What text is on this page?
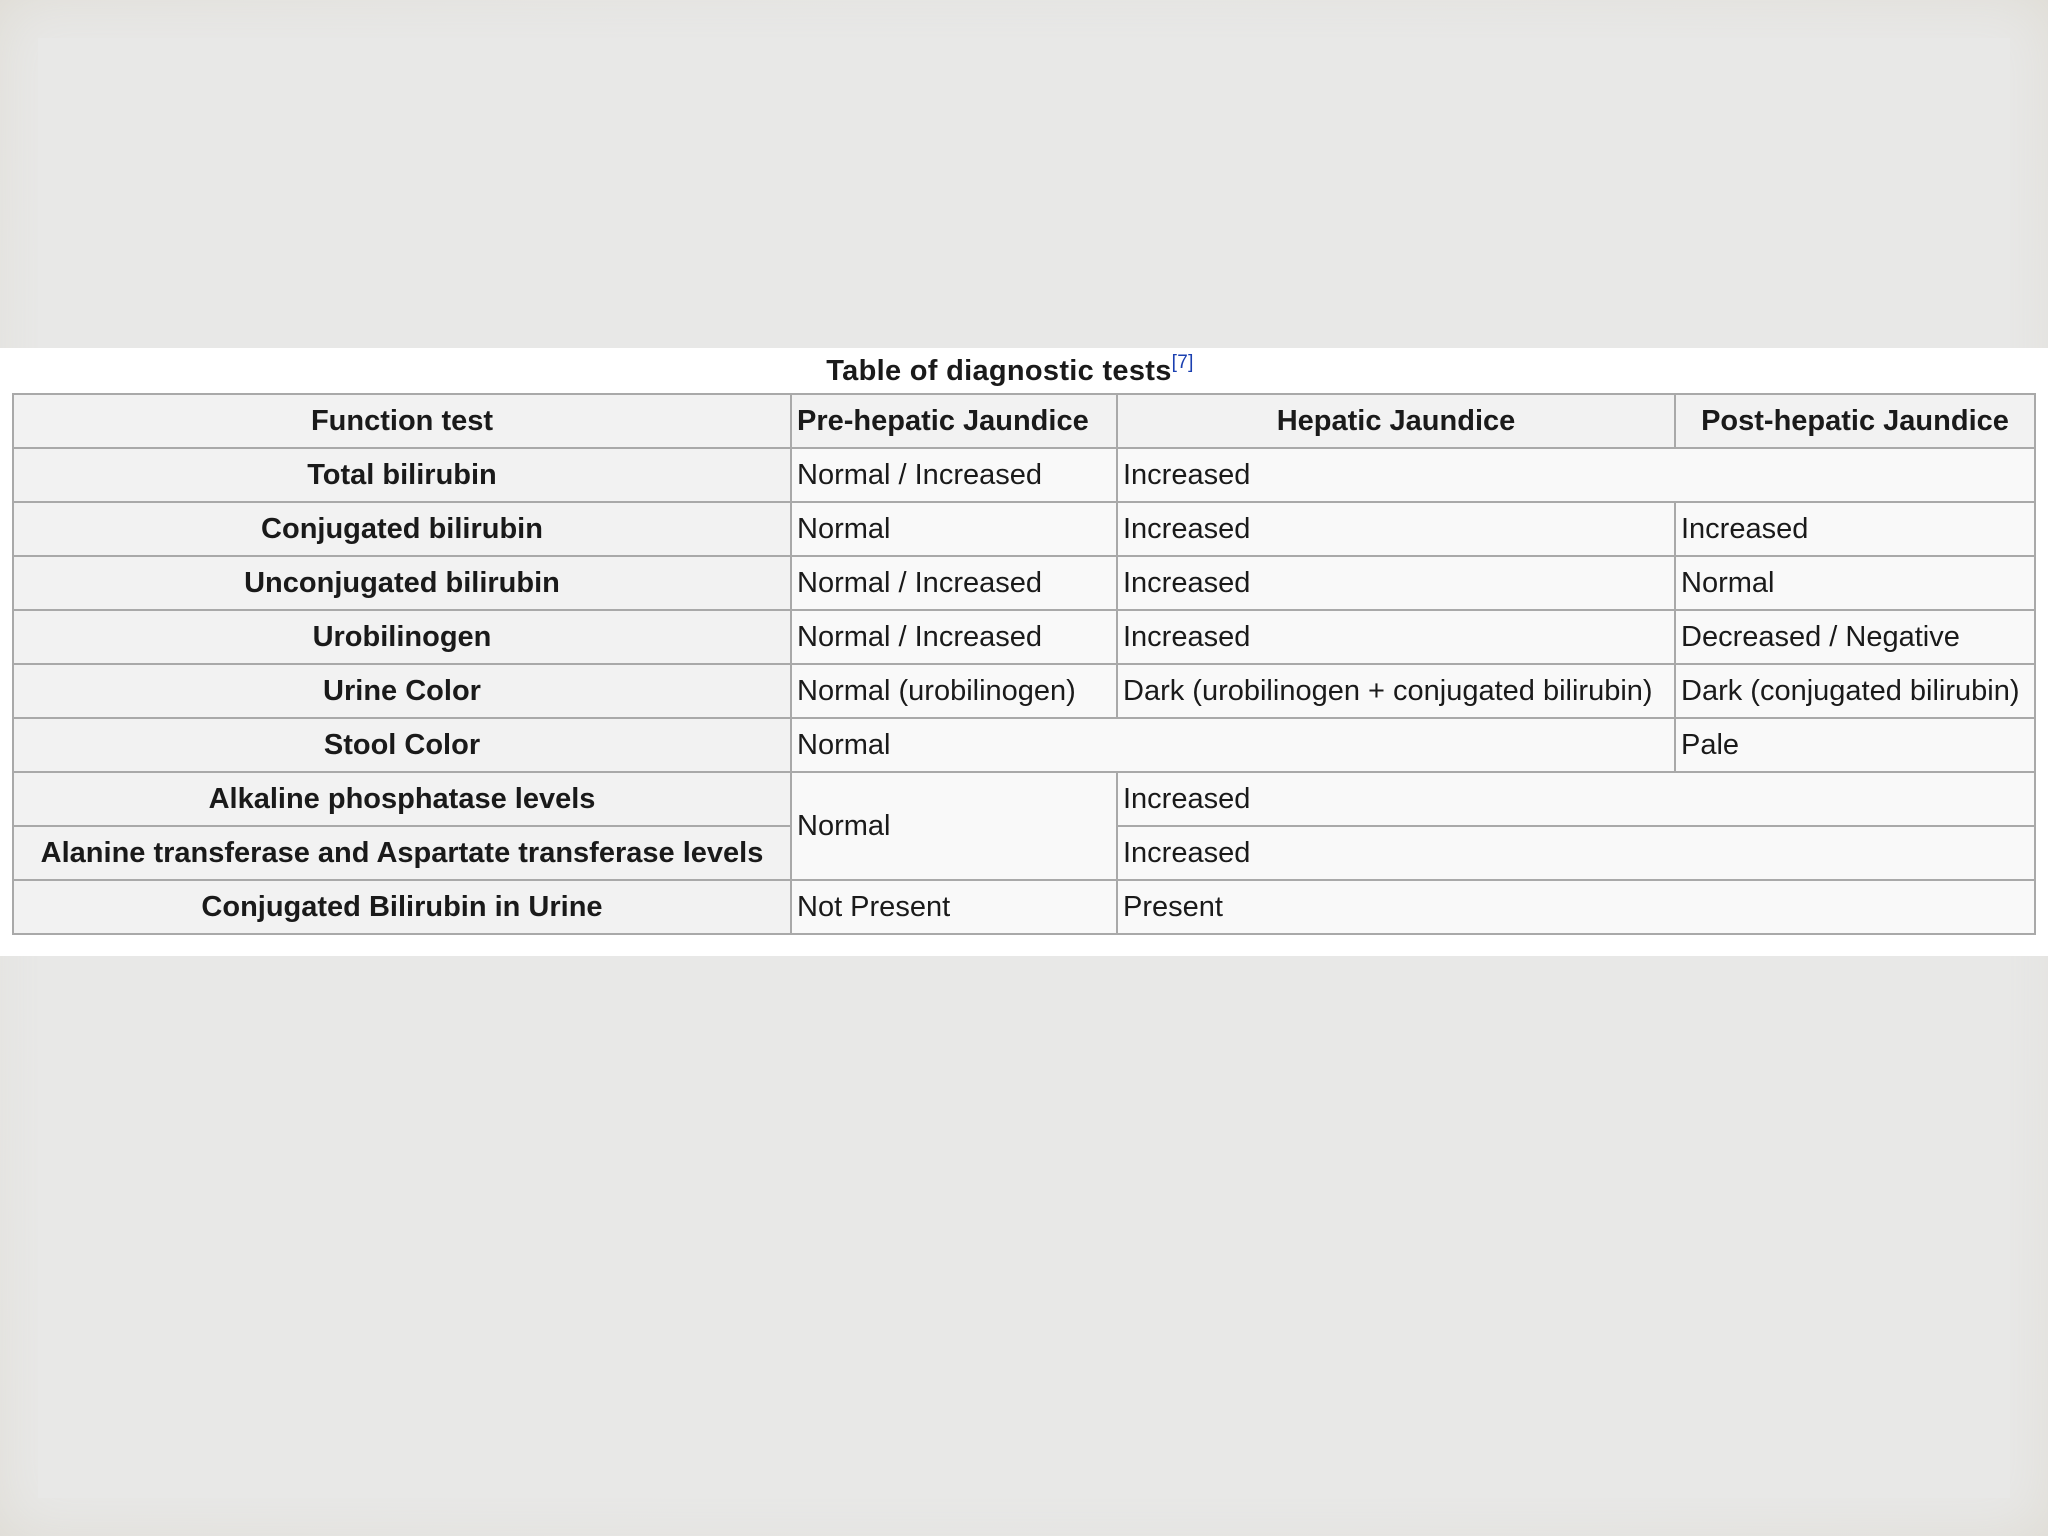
Table of diagnostic tests[7]
Function test	Pre-hepatic Jaundice	Hepatic Jaundice	Post-hepatic Jaundice
Total bilirubin	Normal / Increased	Increased	
Conjugated bilirubin	Normal	Increased	Increased
Unconjugated bilirubin	Normal / Increased	Increased	Normal
Urobilinogen	Normal / Increased	Increased	Decreased / Negative
Urine Color	Normal (urobilinogen)	Dark (urobilinogen + conjugated bilirubin)	Dark (conjugated bilirubin)
Stool Color	Normal		Pale
Alkaline phosphatase levels	Normal	Increased	
Alanine transferase and Aspartate transferase levels		Increased	
Conjugated Bilirubin in Urine	Not Present	Present	
